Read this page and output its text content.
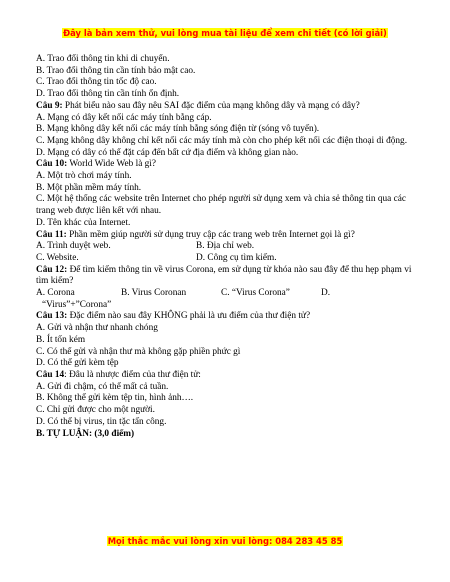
Đây là bản xem thử, vui lòng mua tài liệu để xem chi tiết (có lời giải)
A. Trao đổi thông tin khi di chuyển.
B. Trao đổi thông tin cần tính bảo mật cao.
C. Trao đổi thông tin tốc độ cao.
D. Trao đổi thông tin cần tính ổn định.
Câu 9: Phát biểu nào sau đây nêu SAI đặc điểm của mạng không dây và mạng có dây?
A. Mạng có dây kết nối các máy tính bằng cáp.
B. Mạng không dây kết nối các máy tính bằng sóng điện từ (sóng vô tuyến).
C. Mạng không dây không chỉ kết nối các máy tính mà còn cho phép kết nối các điện thoại di động.
D. Mạng có dây có thể đặt cáp đến bất cứ địa điểm và không gian nào.
Câu 10: World Wide Web là gì?
A. Một trò chơi máy tính.
B. Một phần mềm máy tính.
C. Một hệ thống các website trên Internet cho phép người sử dụng xem và chia sẻ thông tin qua các trang web được liên kết với nhau.
D. Tên khác của Internet.
Câu 11: Phần mềm giúp người sử dụng truy cập các trang web trên Internet gọi là gì?
A. Trình duyệt web.	B. Địa chỉ web.
C. Website.	D. Công cụ tìm kiếm.
Câu 12: Để tìm kiếm thông tin về virus Corona, em sử dụng từ khóa nào sau đây để thu hẹp phạm vi tìm kiếm?
A. Corona	B. Virus Coronan	C. “Virus Corona”	D.
“Virus”+”Corona”
Câu 13: Đặc điểm nào sau đây KHÔNG phải là ưu điểm của thư điện tử?
A. Gửi và nhận thư nhanh chóng
B. Ít tốn kém
C. Có thể gửi và nhận thư mà không gặp phiền phức gì
D. Có thể gửi kèm tệp
Câu 14: Đâu là nhược điểm của thư điện tử:
A. Gửi đi chậm, có thể mất cả tuần.
B. Không thể gửi kèm tệp tin, hình ảnh….
C. Chỉ gửi được cho một người.
D. Có thể bị virus, tin tặc tấn công.
B. TỰ LUẬN: (3,0 điểm)
Mọi thắc mắc vui lòng xin vui lòng: 084 283 45 85
